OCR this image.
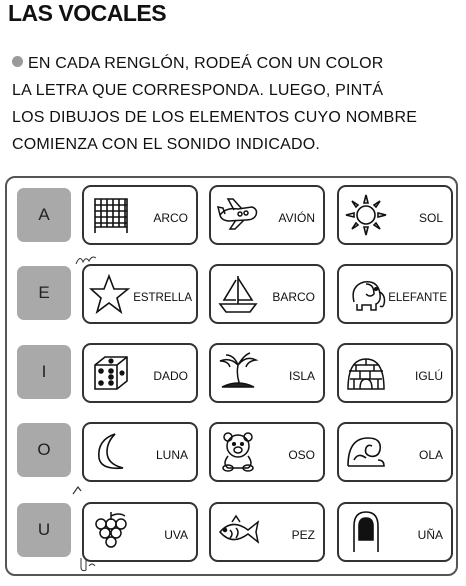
LAS VOCALES

EN CADA RENGLÓN, RODEÁ CON UN COLOR

LA LETRA QUE CORRESPONDA. LUEGO, PINTÁ

LOS DIBUJOS DE LOS ELEMENTOS CUYO NOMBRE

COMIENZA CON EL SONIDO INDICADO.

A	ARCO	AVIÓN	SOL
E	ESTRELLA	BARCO	ELEFANTE
I	DADO	ISLA	IGLÚ
O	LUNA	OSO	OLA
U	UVA	PEZ	UÑA
